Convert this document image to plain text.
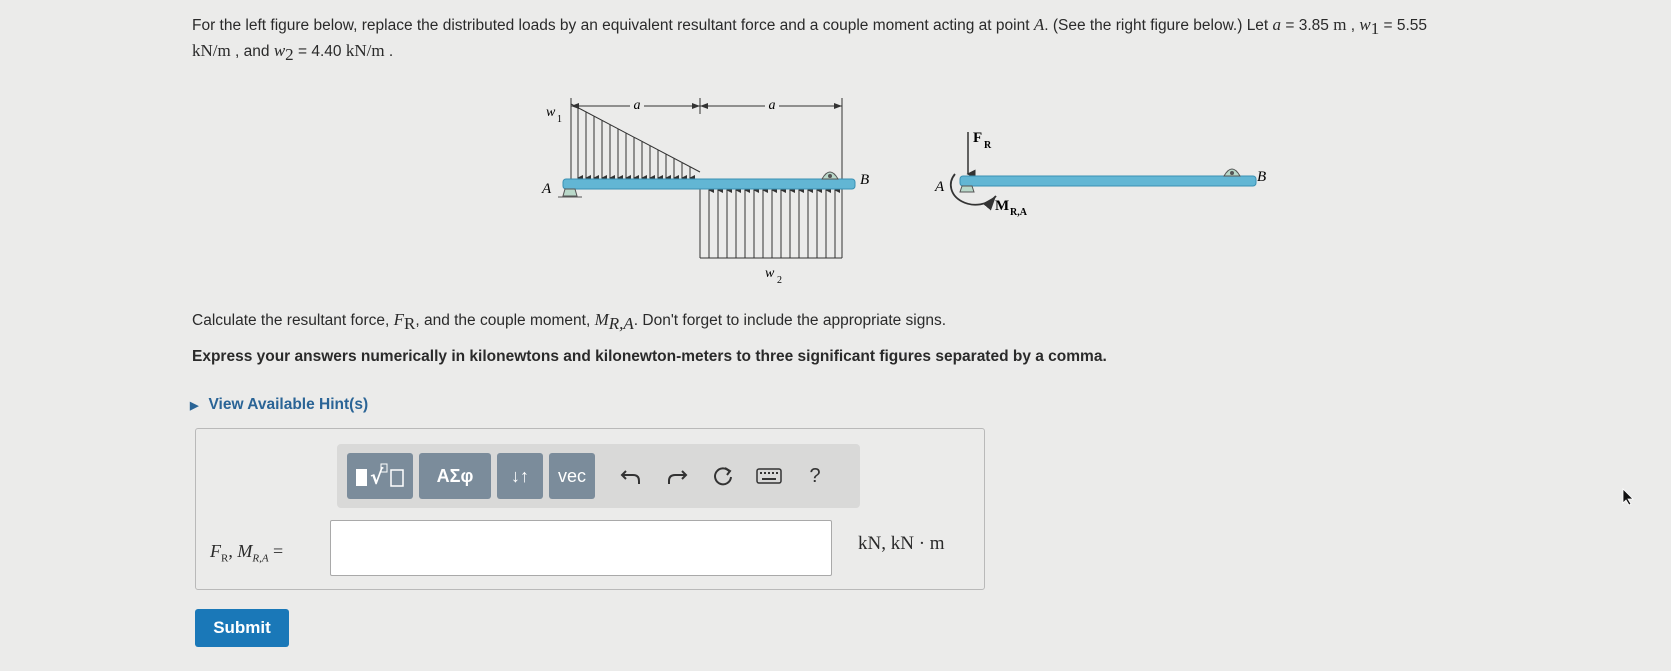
For the left figure below, replace the distributed loads by an equivalent resultant force and a couple moment acting at point A. (See the right figure below.) Let a = 3.85 m , $w_1 = 5.55$
kN/m , and $w_2 = 4.40$ kN/m .
a	a
w 1
w 2
A
B
F R
A
M R,A
B
Calculate the resultant force, $F_R$, and the couple moment, $M_{R,A}$. Don't forget to include the appropriate signs.
Express your answers numerically in kilonewtons and kilonewton-meters to three significant figures separated by a comma.
▶ View Available Hint(s)
√	ΑΣφ	↓↑	vec	?
$F_R$, $M_{R,A}$ =	kN, kN · m
Submit
